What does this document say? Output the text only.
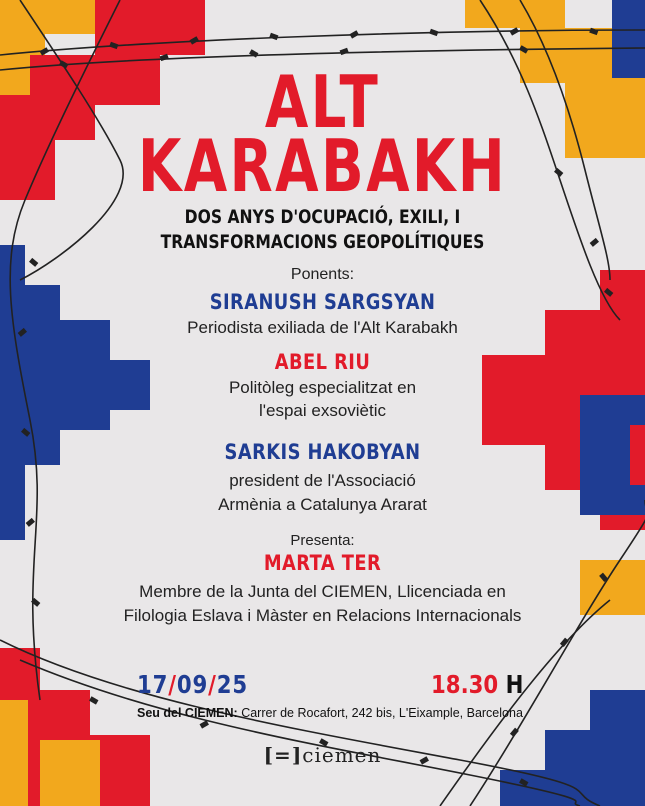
ALT
KARABAKH
DOS ANYS D'OCUPACIÓ, EXILI, I
TRANSFORMACIONS GEOPOLÍTIQUES
Ponents:
SIRANUSH SARGSYAN
Periodista exiliada de l'Alt Karabakh
ABEL RIU
Politòleg especialitzat en
l'espai exsoviètic
SARKIS HAKOBYAN
president de l'Associació
Armènia a Catalunya Ararat
Presenta:
MARTA TER
Membre de la Junta del CIEMEN, Llicenciada en
Filologia Eslava i Màster en Relacions Internacionals
17/09/25	18.30 H
Seu del CIEMEN: Carrer de Rocafort, 242 bis, L'Eixample, Barcelona
[=]ciemen
